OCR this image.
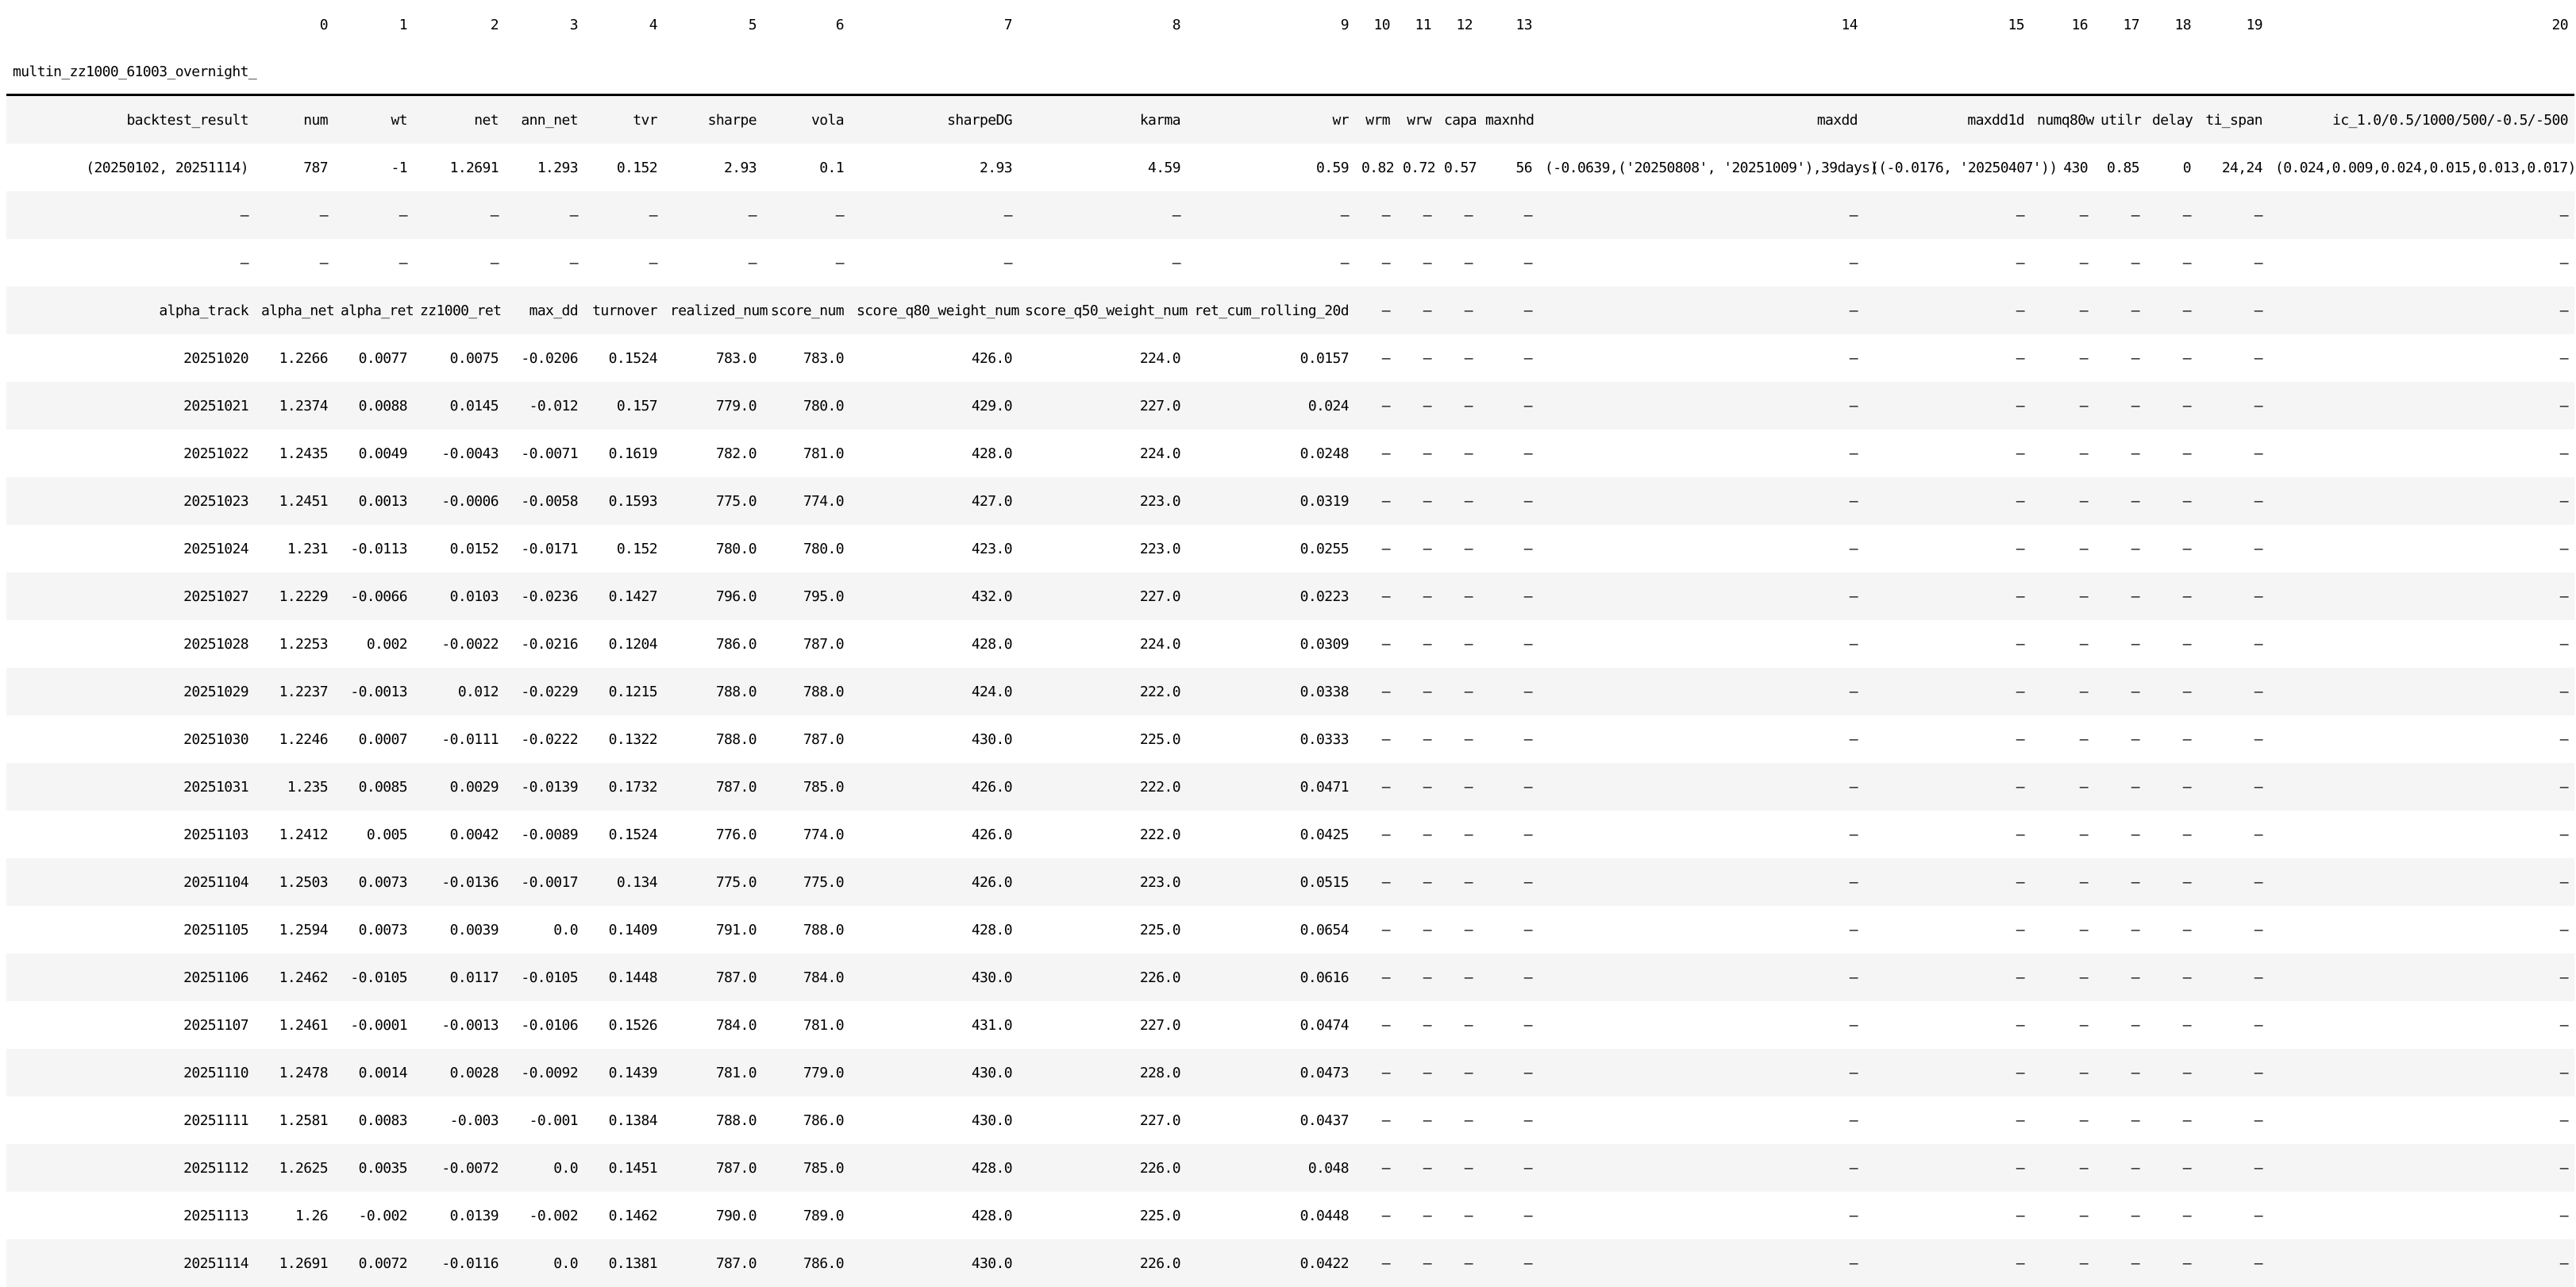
	0	1	2	3	4	5	6	7	8	9	10	11	12	13	14	15	16	17	18	19	20
multin_zz1000_61003_overnight_																					
backtest_result	num	wt	net	ann_net	tvr	sharpe	vola	sharpeDG	karma	wr	wrm	wrw	capa	maxnhd	maxdd	maxdd1d	numq80w	utilr	delay	ti_span	ic_1.0/0.5/1000/500/-0.5/-500
(20250102, 20251114)	787	-1	1.2691	1.293	0.152	2.93	0.1	2.93	4.59	0.59	0.82	0.72	0.57	56	(-0.0639,('20250808', '20251009'),39days)	((-0.0176, '20250407'))	430	0.85	0	24,24	(0.024,0.009,0.024,0.015,0.013,0.017)
—	—	—	—	—	—	—	—	—	—	—	—	—	—	—	—	—	—	—	—	—	—
—	—	—	—	—	—	—	—	—	—	—	—	—	—	—	—	—	—	—	—	—	—
alpha_track	alpha_net	alpha_ret	zz1000_ret	max_dd	turnover	realized_num	score_num	score_q80_weight_num	score_q50_weight_num	ret_cum_rolling_20d	—	—	—	—	—	—	—	—	—	—	—
20251020	1.2266	0.0077	0.0075	-0.0206	0.1524	783.0	783.0	426.0	224.0	0.0157	—	—	—	—	—	—	—	—	—	—	—
20251021	1.2374	0.0088	0.0145	-0.012	0.157	779.0	780.0	429.0	227.0	0.024	—	—	—	—	—	—	—	—	—	—	—
20251022	1.2435	0.0049	-0.0043	-0.0071	0.1619	782.0	781.0	428.0	224.0	0.0248	—	—	—	—	—	—	—	—	—	—	—
20251023	1.2451	0.0013	-0.0006	-0.0058	0.1593	775.0	774.0	427.0	223.0	0.0319	—	—	—	—	—	—	—	—	—	—	—
20251024	1.231	-0.0113	0.0152	-0.0171	0.152	780.0	780.0	423.0	223.0	0.0255	—	—	—	—	—	—	—	—	—	—	—
20251027	1.2229	-0.0066	0.0103	-0.0236	0.1427	796.0	795.0	432.0	227.0	0.0223	—	—	—	—	—	—	—	—	—	—	—
20251028	1.2253	0.002	-0.0022	-0.0216	0.1204	786.0	787.0	428.0	224.0	0.0309	—	—	—	—	—	—	—	—	—	—	—
20251029	1.2237	-0.0013	0.012	-0.0229	0.1215	788.0	788.0	424.0	222.0	0.0338	—	—	—	—	—	—	—	—	—	—	—
20251030	1.2246	0.0007	-0.0111	-0.0222	0.1322	788.0	787.0	430.0	225.0	0.0333	—	—	—	—	—	—	—	—	—	—	—
20251031	1.235	0.0085	0.0029	-0.0139	0.1732	787.0	785.0	426.0	222.0	0.0471	—	—	—	—	—	—	—	—	—	—	—
20251103	1.2412	0.005	0.0042	-0.0089	0.1524	776.0	774.0	426.0	222.0	0.0425	—	—	—	—	—	—	—	—	—	—	—
20251104	1.2503	0.0073	-0.0136	-0.0017	0.134	775.0	775.0	426.0	223.0	0.0515	—	—	—	—	—	—	—	—	—	—	—
20251105	1.2594	0.0073	0.0039	0.0	0.1409	791.0	788.0	428.0	225.0	0.0654	—	—	—	—	—	—	—	—	—	—	—
20251106	1.2462	-0.0105	0.0117	-0.0105	0.1448	787.0	784.0	430.0	226.0	0.0616	—	—	—	—	—	—	—	—	—	—	—
20251107	1.2461	-0.0001	-0.0013	-0.0106	0.1526	784.0	781.0	431.0	227.0	0.0474	—	—	—	—	—	—	—	—	—	—	—
20251110	1.2478	0.0014	0.0028	-0.0092	0.1439	781.0	779.0	430.0	228.0	0.0473	—	—	—	—	—	—	—	—	—	—	—
20251111	1.2581	0.0083	-0.003	-0.001	0.1384	788.0	786.0	430.0	227.0	0.0437	—	—	—	—	—	—	—	—	—	—	—
20251112	1.2625	0.0035	-0.0072	0.0	0.1451	787.0	785.0	428.0	226.0	0.048	—	—	—	—	—	—	—	—	—	—	—
20251113	1.26	-0.002	0.0139	-0.002	0.1462	790.0	789.0	428.0	225.0	0.0448	—	—	—	—	—	—	—	—	—	—	—
20251114	1.2691	0.0072	-0.0116	0.0	0.1381	787.0	786.0	430.0	226.0	0.0422	—	—	—	—	—	—	—	—	—	—	—
